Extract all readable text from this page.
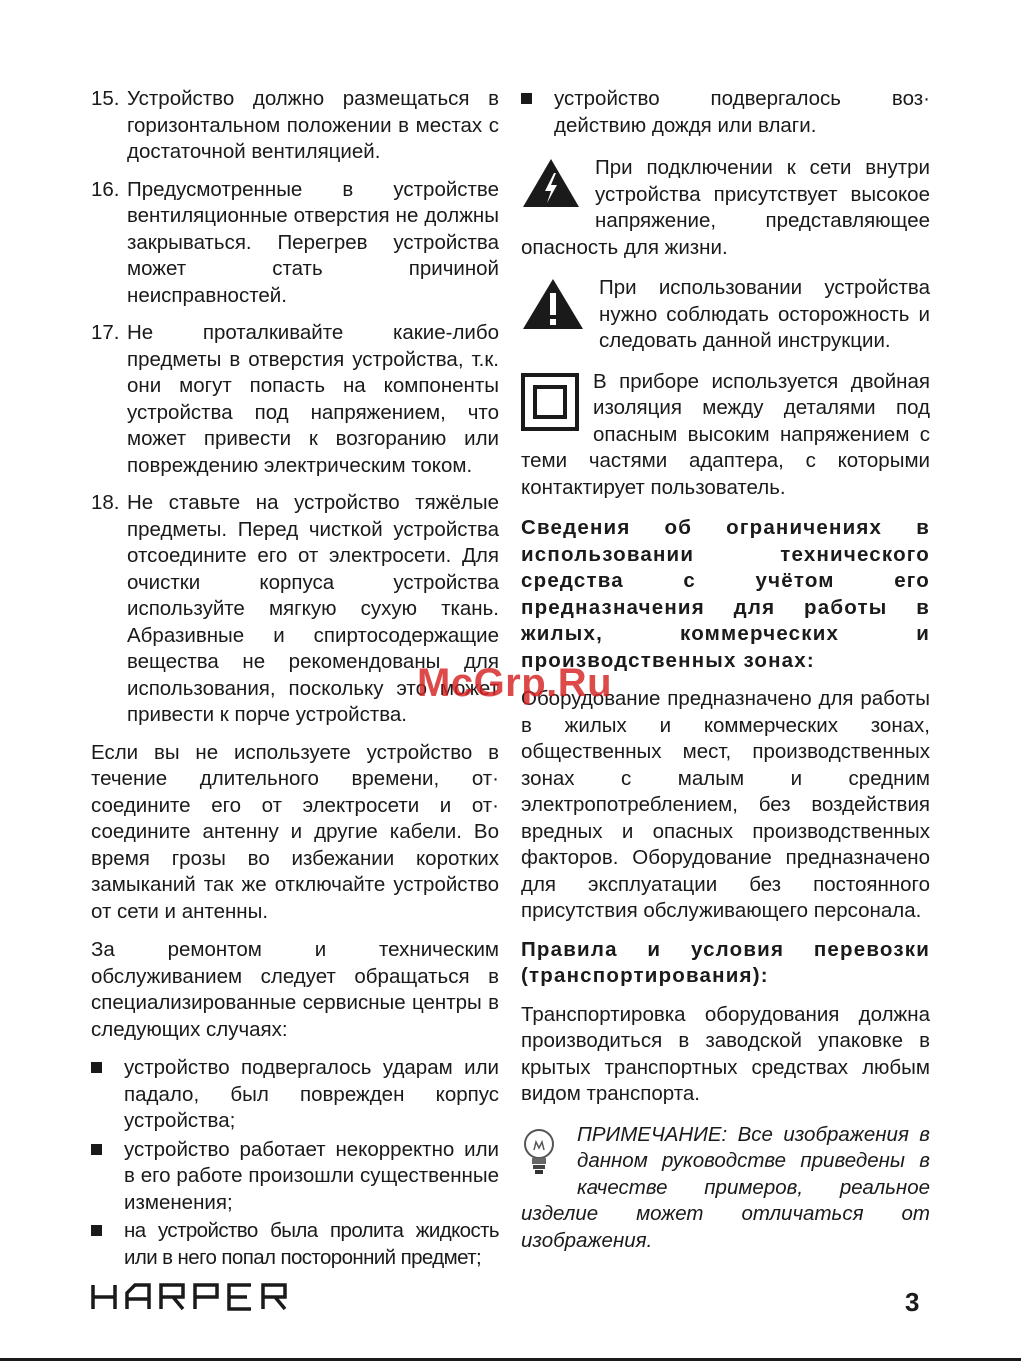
15. Устройство должно размещаться в горизонтальном положении в местах с достаточной вентиляцией.
16. Предусмотренные в устройстве вентиляционные отверстия не должны закрываться. Перегрев устройства может стать причиной неисправностей.
17. Не проталкивайте какие-либо предметы в отверстия устройства, т.к. они могут попасть на компоненты устройства под напряжением, что может привести к возгоранию или повреждению электрическим током.
18. Не ставьте на устройство тяжёлые предметы. Перед чисткой устройства отсоедините его от электросети. Для очистки корпуса устройства используйте мягкую сухую ткань. Абразивные и спиртосодержащие вещества не рекомендованы для использования, поскольку это может привести к порче устройства.

Если вы не используете устройство в течение длительного времени, от· соедините его от электросети и от· соедините антенну и другие кабели. Во время грозы во избежании коротких замыканий так же отключайте устройство от сети и антенны.

За ремонтом и техническим обслуживанием следует обращаться в специализированные сервисные центры в следующих случаях:

устройство подвергалось ударам или падало, был поврежден корпус устройства;
устройство работает некорректно или в его работе произошли существенные изменения;
на устройство была пролита жидкость или в него попал посторонний предмет;
устройство подвергалось воз· действию дождя или влаги.

При подключении к сети внутри устройства присутствует высокое напряжение, представляющее опасность для жизни.

При использовании устройства нужно соблюдать осторожность и следовать данной инструкции.

В приборе используется двойная изоляция между деталями под опасным высоким напряжением с теми частями адаптера, с которыми контактирует пользователь.

Сведения об ограничениях в использовании технического средства с учётом его предназначения для работы в жилых, коммерческих и производственных зонах:

Оборудование предназначено для работы в жилых и коммерческих зонах, общественных мест, производственных зонах с малым и средним электропотреблением, без воздействия вредных и опасных производственных факторов. Оборудование предназначено для эксплуатации без постоянного присутствия обслуживающего персонала.

Правила и условия перевозки (транспортирования):

Транспортировка оборудования должна производиться в заводской упаковке в крытых транспортных средствах любым видом транспорта.

ПРИМЕЧАНИЕ: Все изображения в данном руководстве приведены в качестве примеров, реальное изделие может отличаться от изображения.

McGrp.Ru
3
